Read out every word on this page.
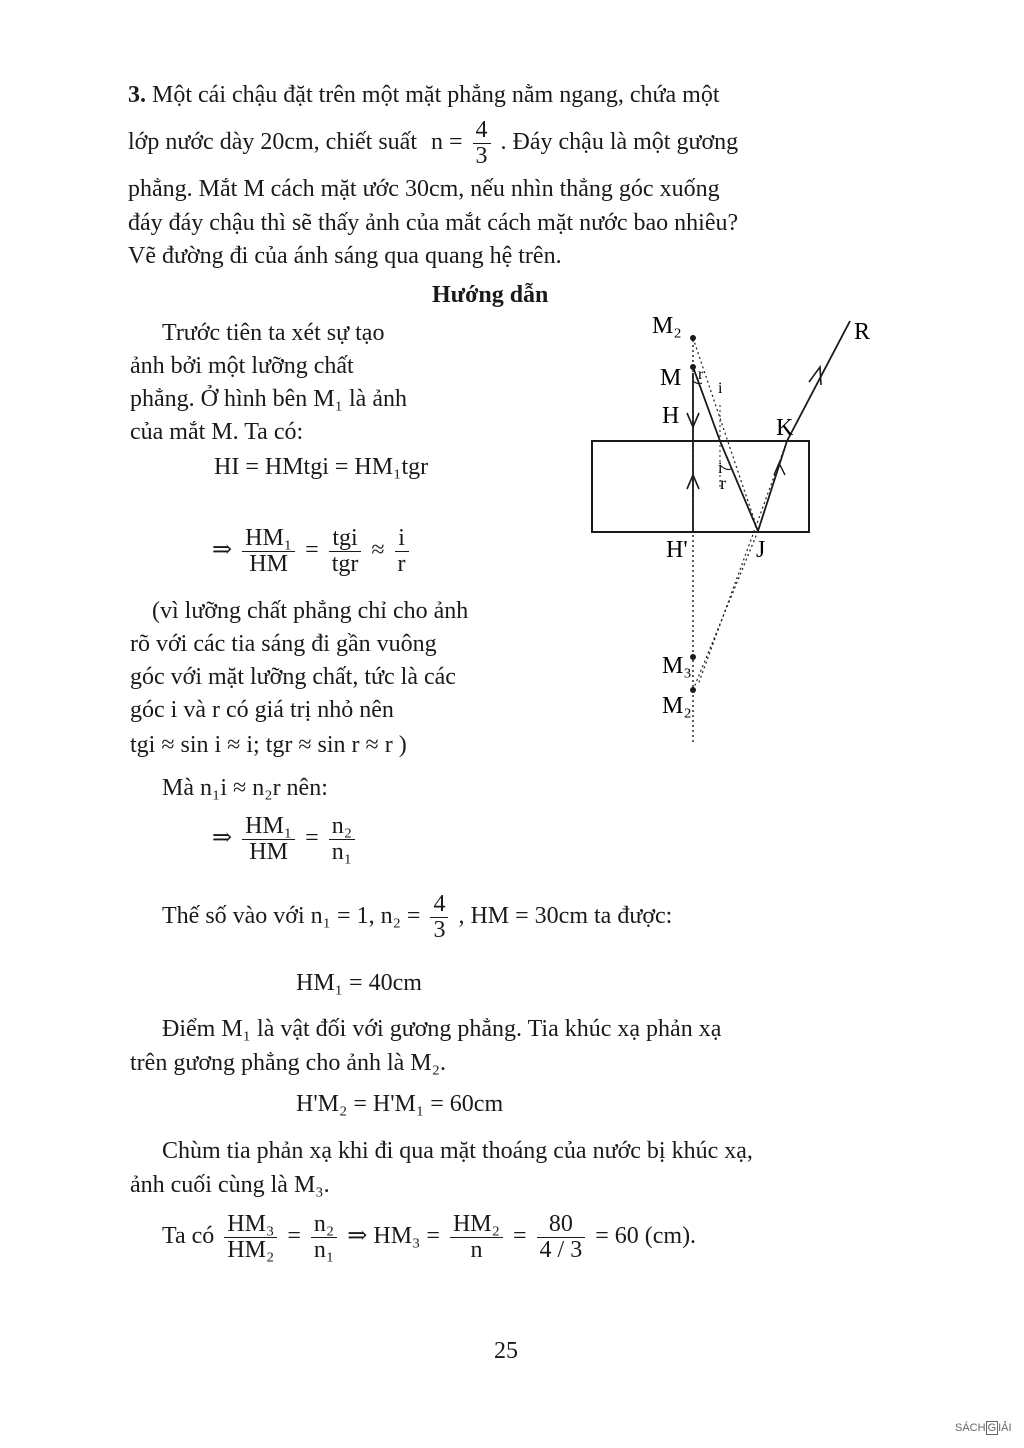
3. Một cái chậu đặt trên một mặt phẳng nằm ngang, chứa một
lớp nước dày 20cm, chiết suất $n = \frac{4}{3}$ . Đáy chậu là một gương
phẳng. Mắt M cách mặt ước 30cm, nếu nhìn thẳng góc xuống
đáy đáy chậu thì sẽ thấy ảnh của mắt cách mặt nước bao nhiêu?
Vẽ đường đi của ánh sáng qua quang hệ trên.
Hướng dẫn
Trước tiên ta xét sự tạo
ảnh bởi một lưỡng chất
phẳng. Ở hình bên M₁ là ảnh
của mắt M. Ta có:
HI = HMtgi = HM₁tgr
⇒ $\frac{\text{HM₁}}{HM} = \frac{\text{tgi}}{\text{tgr}} \approx \frac{i}{r}$
(vì lưỡng chất phẳng chỉ cho ảnh
rõ với các tia sáng đi gần vuông
góc với mặt lưỡng chất, tức là các
góc i và r có giá trị nhỏ nên
tgi ≈ sin i ≈ i; tgr ≈ sin r ≈ r )
Mà n₁i ≈ n₂r nên:
⇒ $\frac{\text{HM₁}}{HM} = \frac{\text{n₂}}{\text{n₁}}$
M₂	R
M r
i
H	K
i
r
H'	J
M₃
M₂
Thế số vào với n₁ = 1, $n_2 = \frac{4}{3}$ , HM = 30cm ta được:
HM₁ = 40cm
Điểm M₁ là vật đối với gương phẳng. Tia khúc xạ phản xạ
trên gương phẳng cho ảnh là M₂.
H'M₂ = H'M₁ = 60cm
Chùm tia phản xạ khi đi qua mặt thoáng của nước bị khúc xạ,
ảnh cuối cùng là M₃.
Ta có $\frac{\text{HM₃}}{\text{HM₂}} = \frac{\text{n₂}}{\text{n₁}}$ ⇒ $HM_3 = \frac{\text{HM₂}}{n} = \frac{80}{4 / 3} = 60$ (cm).
25
SÁCH G IẢI
